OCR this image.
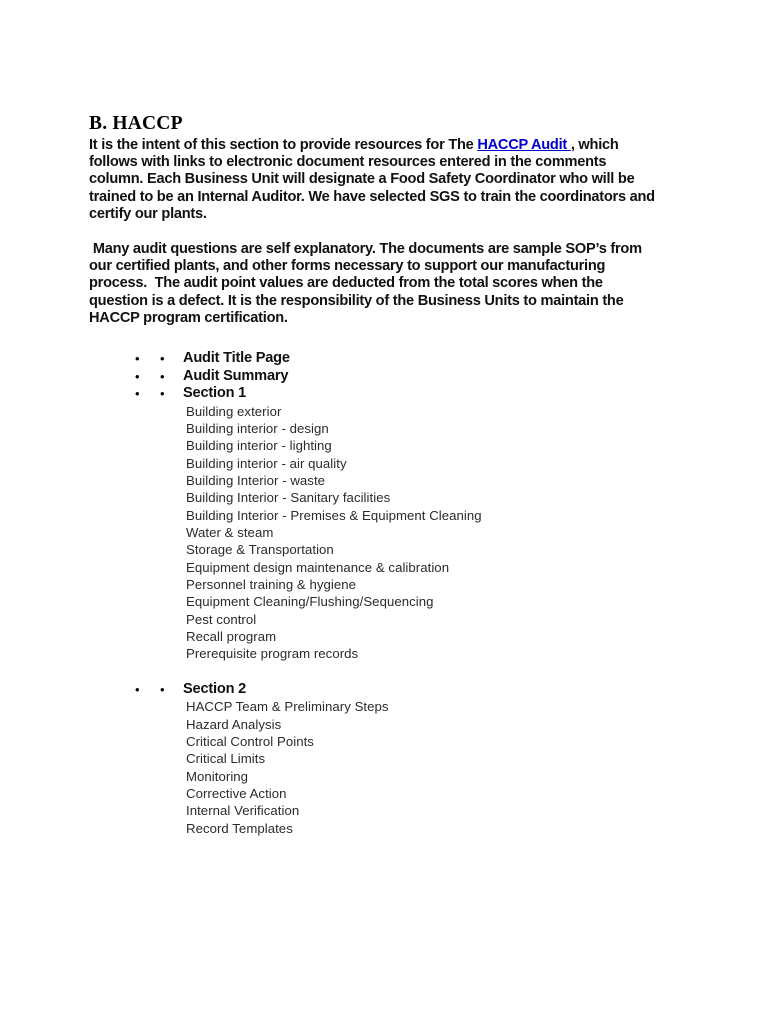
B. HACCP

It is the intent of this section to provide resources for The HACCP Audit , which follows with links to electronic document resources entered in the comments column. Each Business Unit will designate a Food Safety Coordinator who will be trained to be an Internal Auditor. We have selected SGS to train the coordinators and certify our plants.

Many audit questions are self explanatory. The documents are sample SOP’s from our certified plants, and other forms necessary to support our manufacturing process.  The audit point values are deducted from the total scores when the question is a defect. It is the responsibility of the Business Units to maintain the HACCP program certification.

• • Audit Title Page
• • Audit Summary
• • Section 1
Building exterior
Building interior - design
Building interior - lighting
Building interior - air quality
Building Interior - waste
Building Interior - Sanitary facilities
Building Interior - Premises & Equipment Cleaning
Water & steam
Storage & Transportation
Equipment design maintenance & calibration
Personnel training & hygiene
Equipment Cleaning/Flushing/Sequencing
Pest control
Recall program
Prerequisite program records
• • Section 2
HACCP Team & Preliminary Steps
Hazard Analysis
Critical Control Points
Critical Limits
Monitoring
Corrective Action
Internal Verification
Record Templates
